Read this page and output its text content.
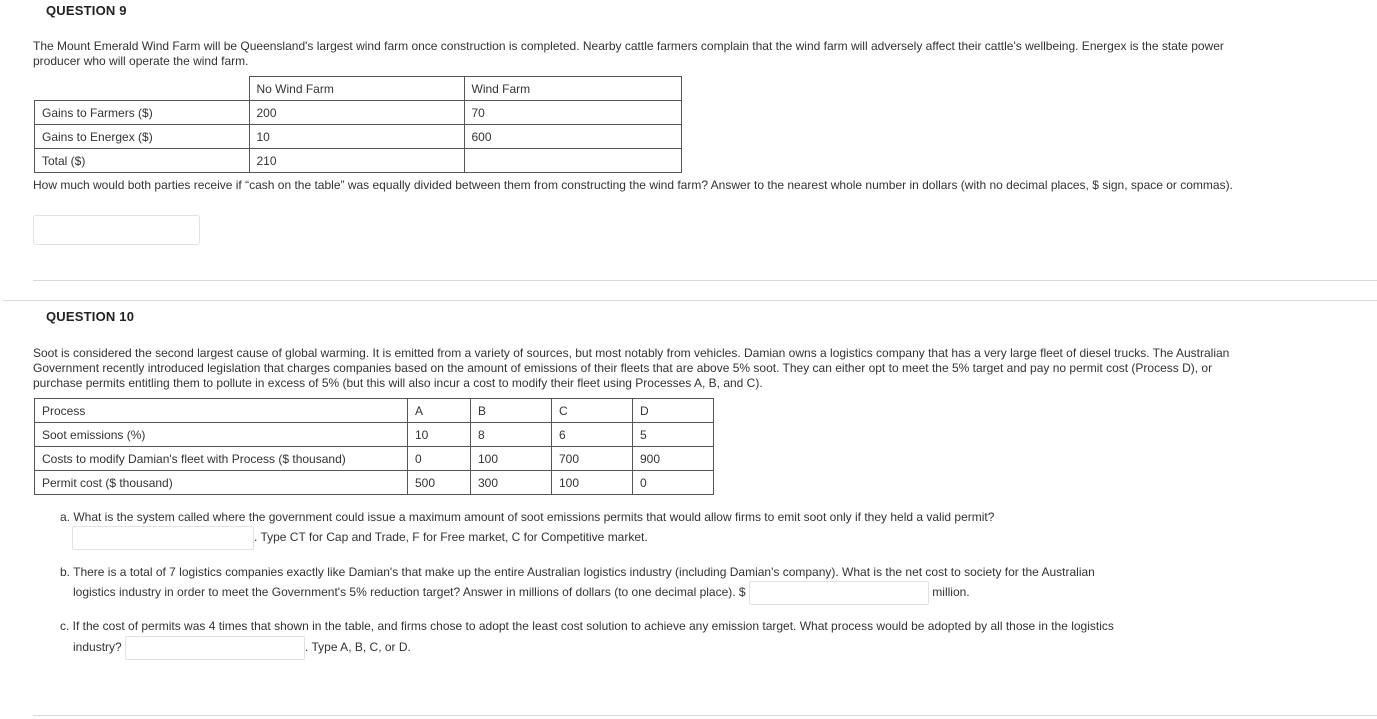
QUESTION 9
The Mount Emerald Wind Farm will be Queensland's largest wind farm once construction is completed. Nearby cattle farmers complain that the wind farm will adversely affect their cattle's wellbeing. Energex is the state power producer who will operate the wind farm.
	No Wind Farm	Wind Farm
Gains to Farmers ($)	200	70
Gains to Energex ($)	10	600
Total ($)	210	
How much would both parties receive if “cash on the table” was equally divided between them from constructing the wind farm? Answer to the nearest whole number in dollars (with no decimal places, $ sign, space or commas).
QUESTION 10
Soot is considered the second largest cause of global warming. It is emitted from a variety of sources, but most notably from vehicles. Damian owns a logistics company that has a very large fleet of diesel trucks. The Australian Government recently introduced legislation that charges companies based on the amount of emissions of their fleets that are above 5% soot. They can either opt to meet the 5% target and pay no permit cost (Process D), or purchase permits entitling them to pollute in excess of 5% (but this will also incur a cost to modify their fleet using Processes A, B, and C).
Process	A	B	C	D
Soot emissions (%)	10	8	6	5
Costs to modify Damian's fleet with Process ($ thousand)	0	100	700	900
Permit cost ($ thousand)	500	300	100	0
a. What is the system called where the government could issue a maximum amount of soot emissions permits that would allow firms to emit soot only if they held a valid permit?
. Type CT for Cap and Trade, F for Free market, C for Competitive market.
b. There is a total of 7 logistics companies exactly like Damian's that make up the entire Australian logistics industry (including Damian's company). What is the net cost to society for the Australian
logistics industry in order to meet the Government's 5% reduction target? Answer in millions of dollars (to one decimal place). $	million.
c. If the cost of permits was 4 times that shown in the table, and firms chose to adopt the least cost solution to achieve any emission target. What process would be adopted by all those in the logistics
industry?	. Type A, B, C, or D.
